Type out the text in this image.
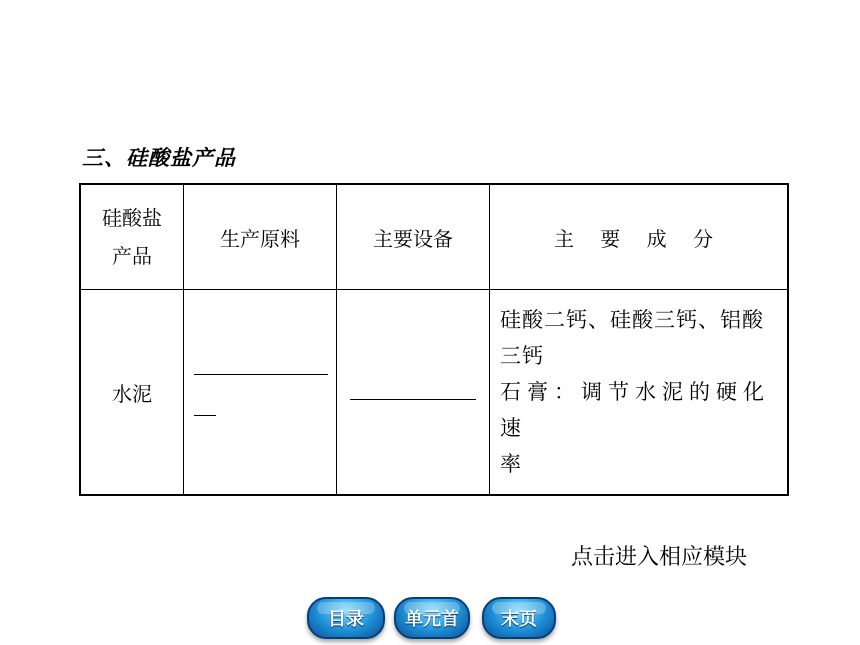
三、硅酸盐产品
硅酸盐
产品	生产原料	主要设备	主 要 成 分
水泥			硅酸二钙、硅酸三钙、铝酸
三钙
石膏：调节水泥的硬化速
率
点击进入相应模块
目录	单元首	末页
